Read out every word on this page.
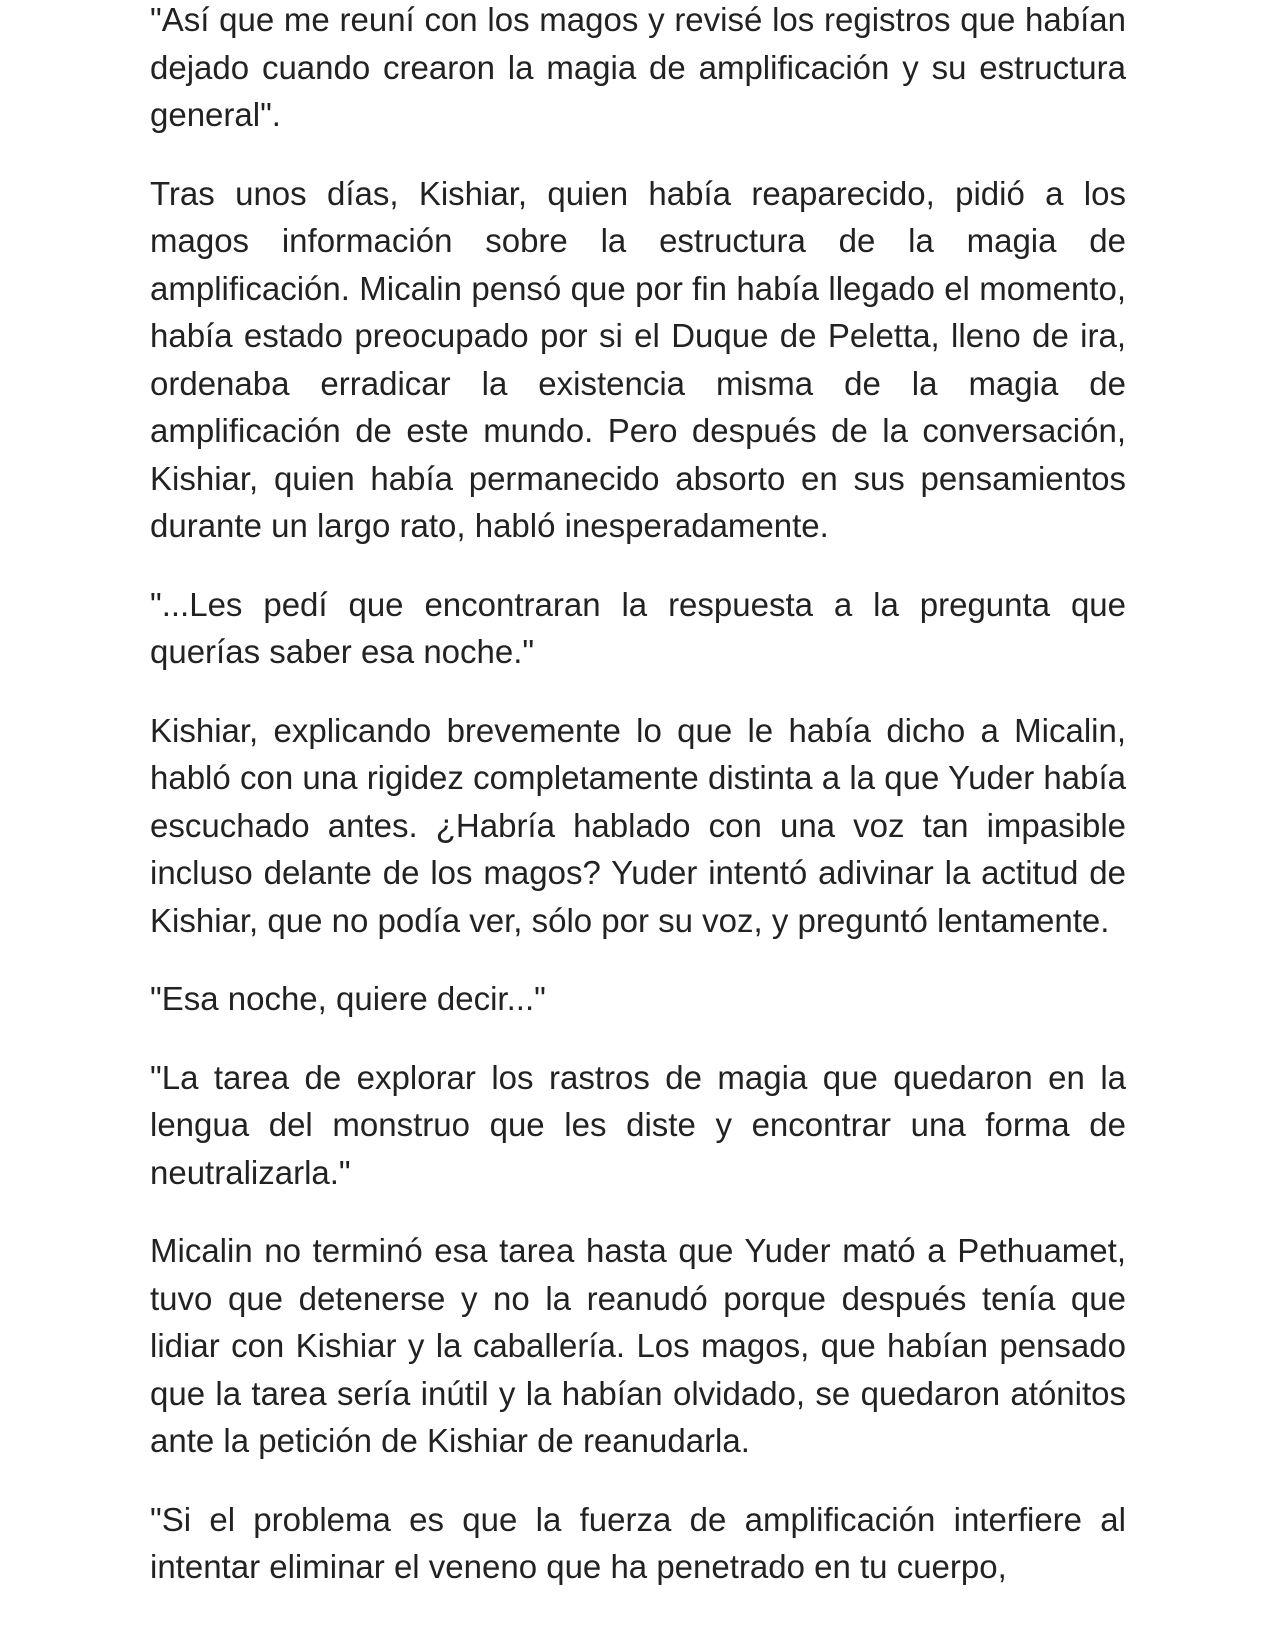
"Así que me reuní con los magos y revisé los registros que habían dejado cuando crearon la magia de amplificación y su estructura general".

Tras unos días, Kishiar, quien había reaparecido, pidió a los magos información sobre la estructura de la magia de amplificación. Micalin pensó que por fin había llegado el momento, había estado preocupado por si el Duque de Peletta, lleno de ira, ordenaba erradicar la existencia misma de la magia de amplificación de este mundo. Pero después de la conversación, Kishiar, quien había permanecido absorto en sus pensamientos durante un largo rato, habló inesperadamente.

"...Les pedí que encontraran la respuesta a la pregunta que querías saber esa noche."

Kishiar, explicando brevemente lo que le había dicho a Micalin, habló con una rigidez completamente distinta a la que Yuder había escuchado antes. ¿Habría hablado con una voz tan impasible incluso delante de los magos? Yuder intentó adivinar la actitud de Kishiar, que no podía ver, sólo por su voz, y preguntó lentamente.

"Esa noche, quiere decir..."

"La tarea de explorar los rastros de magia que quedaron en la lengua del monstruo que les diste y encontrar una forma de neutralizarla."

Micalin no terminó esa tarea hasta que Yuder mató a Pethuamet, tuvo que detenerse y no la reanudó porque después tenía que lidiar con Kishiar y la caballería. Los magos, que habían pensado que la tarea sería inútil y la habían olvidado, se quedaron atónitos ante la petición de Kishiar de reanudarla.

"Si el problema es que la fuerza de amplificación interfiere al intentar eliminar el veneno que ha penetrado en tu cuerpo,
